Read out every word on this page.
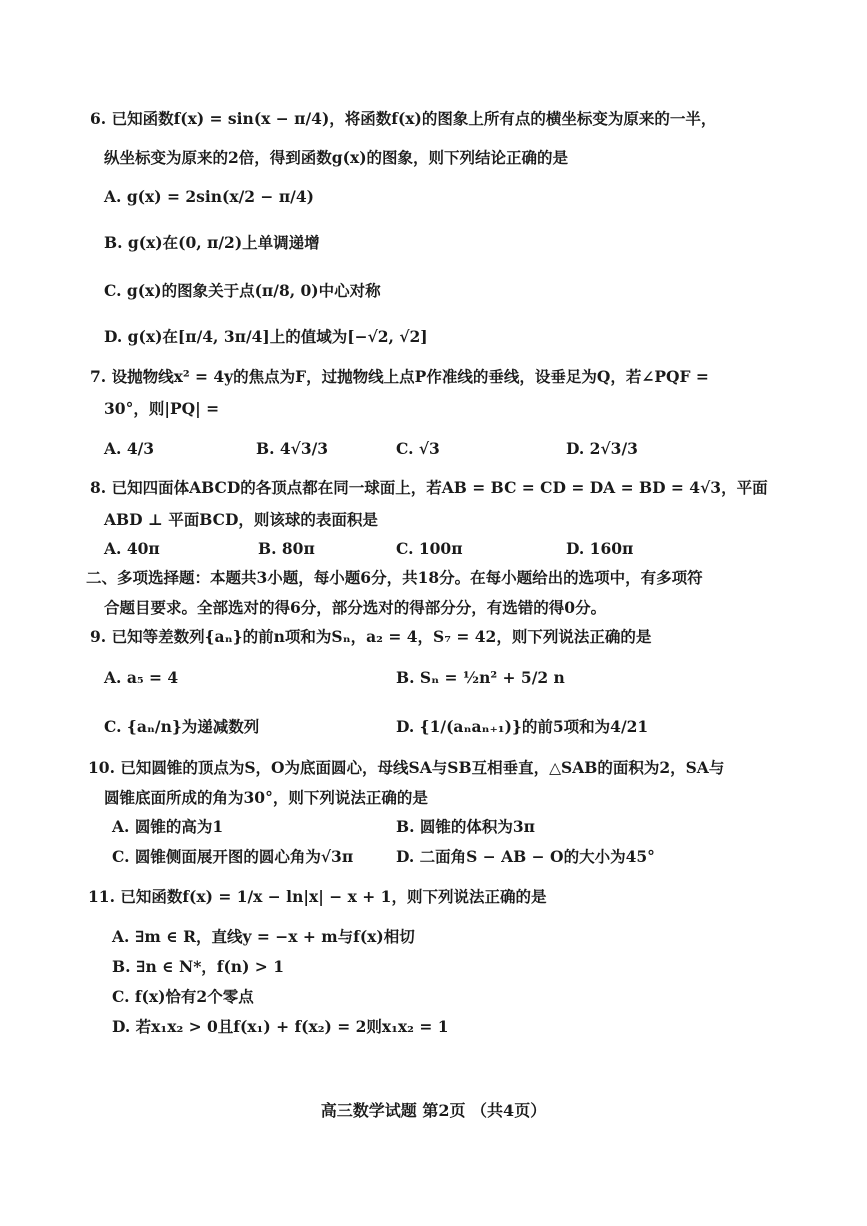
6. 已知函数f(x) = sin(x − π/4)，将函数f(x)的图象上所有点的横坐标变为原来的一半，
纵坐标变为原来的2倍，得到函数g(x)的图象，则下列结论正确的是
A. g(x) = 2sin(x/2 − π/4)
B. g(x)在(0, π/2)上单调递增
C. g(x)的图象关于点(π/8, 0)中心对称
D. g(x)在[π/4, 3π/4]上的值域为[−√2, √2]
7. 设抛物线x² = 4y的焦点为F，过抛物线上点P作准线的垂线，设垂足为Q，若∠PQF =
30°，则|PQ| =
A. 4/3	B. 4√3/3	C. √3	D. 2√3/3
8. 已知四面体ABCD的各顶点都在同一球面上，若AB = BC = CD = DA = BD = 4√3，平面
ABD ⊥ 平面BCD，则该球的表面积是
A. 40π	B. 80π	C. 100π	D. 160π
二、多项选择题：本题共3小题，每小题6分，共18分。在每小题给出的选项中，有多项符
合题目要求。全部选对的得6分，部分选对的得部分分，有选错的得0分。
9. 已知等差数列{aₙ}的前n项和为Sₙ，a₂ = 4，S₇ = 42，则下列说法正确的是
A. a₅ = 4	B. Sₙ = ½n² + 5/2 n
C. {aₙ/n}为递减数列	D. {1/(aₙaₙ₊₁)}的前5项和为4/21
10. 已知圆锥的顶点为S，O为底面圆心，母线SA与SB互相垂直，△SAB的面积为2，SA与
圆锥底面所成的角为30°，则下列说法正确的是
A. 圆锥的高为1	B. 圆锥的体积为3π
C. 圆锥侧面展开图的圆心角为√3π	D. 二面角S − AB − O的大小为45°
11. 已知函数f(x) = 1/x − ln|x| − x + 1，则下列说法正确的是
A. ∃m ∈ R，直线y = −x + m与f(x)相切
B. ∃n ∈ N*，f(n) > 1
C. f(x)恰有2个零点
D. 若x₁x₂ > 0且f(x₁) + f(x₂) = 2则x₁x₂ = 1
高三数学试题 第2页 （共4页）
